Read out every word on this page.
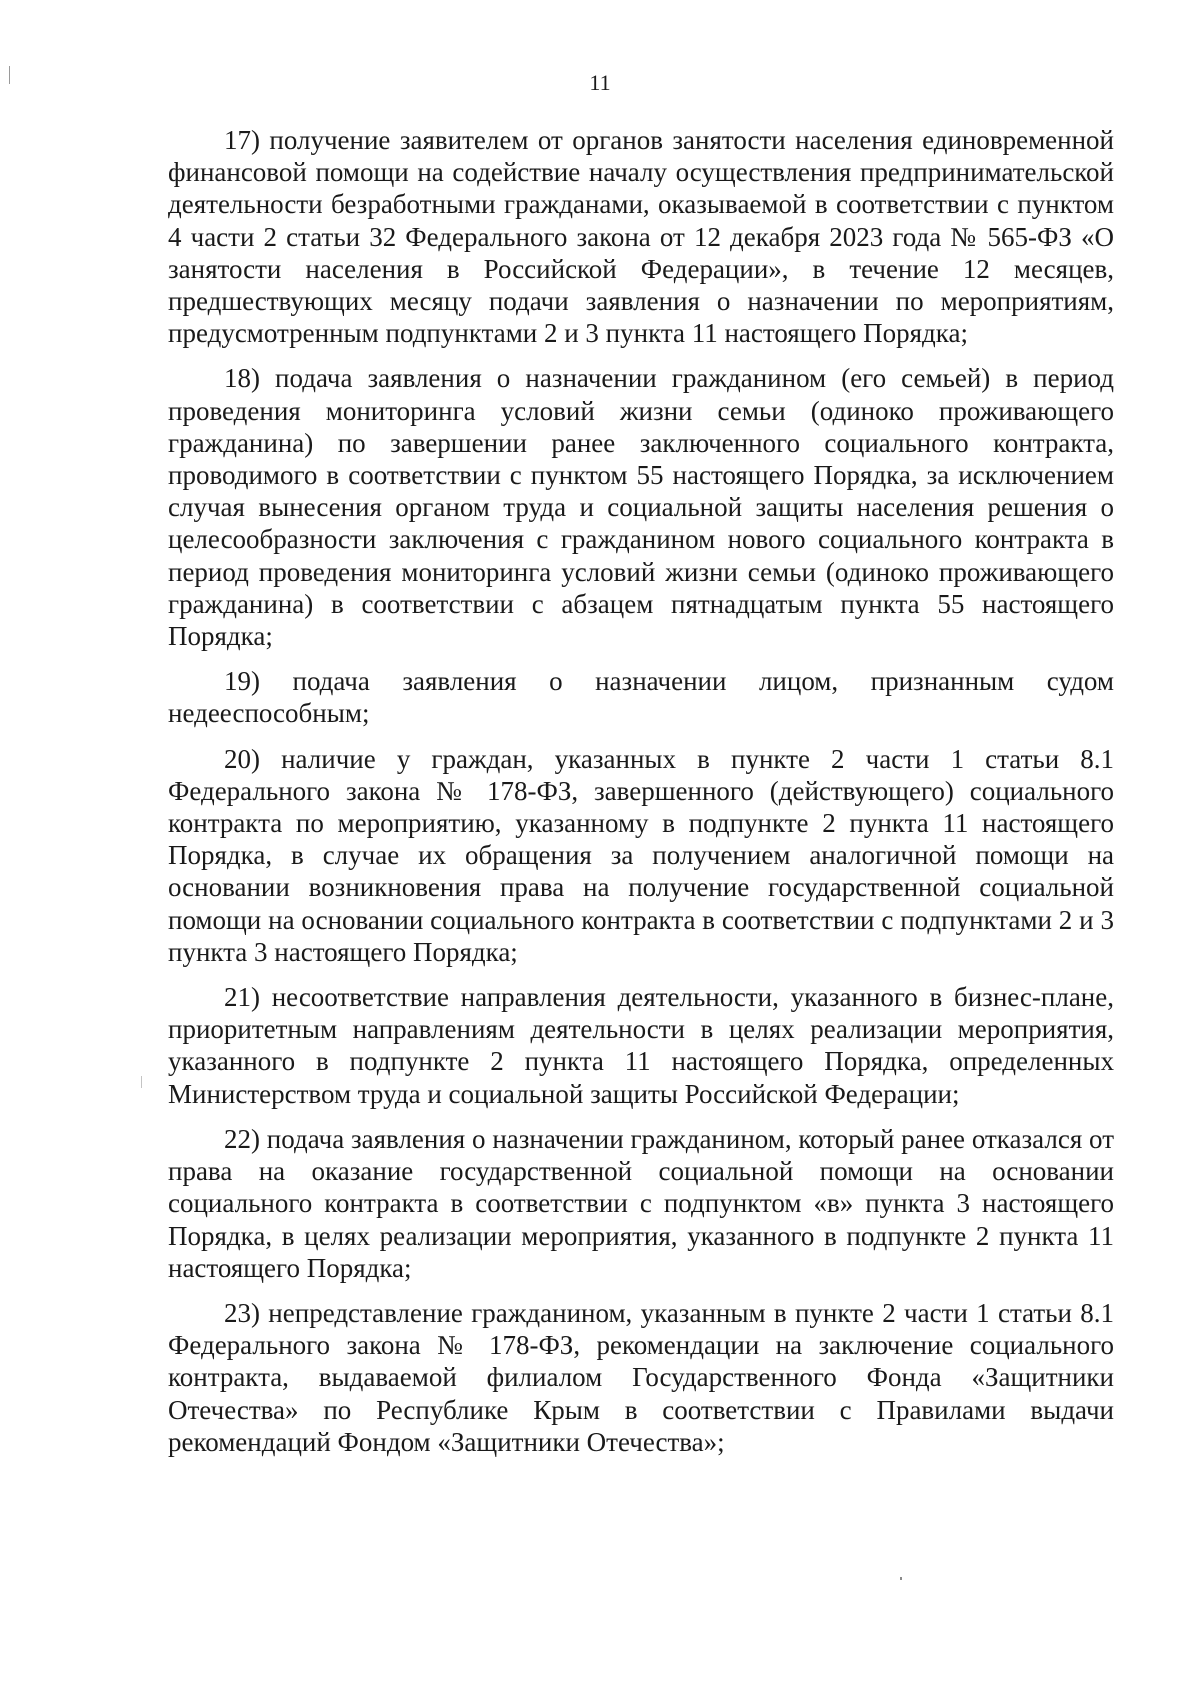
11

17) получение заявителем от органов занятости населения единовременной финансовой помощи на содействие началу осуществления предпринимательской деятельности безработными гражданами, оказываемой в соответствии с пунктом 4 части 2 статьи 32 Федерального закона от 12 декабря 2023 года № 565-ФЗ «О занятости населения в Российской Федерации», в течение 12 месяцев, предшествующих месяцу подачи заявления о назначении по мероприятиям, предусмотренным подпунктами 2 и 3 пункта 11 настоящего Порядка;

18) подача заявления о назначении гражданином (его семьей) в период проведения мониторинга условий жизни семьи (одиноко проживающего гражданина) по завершении ранее заключенного социального контракта, проводимого в соответствии с пунктом 55 настоящего Порядка, за исключением случая вынесения органом труда и социальной защиты населения решения о целесообразности заключения с гражданином нового социального контракта в период проведения мониторинга условий жизни семьи (одиноко проживающего гражданина) в соответствии с абзацем пятнадцатым пункта 55 настоящего Порядка;

19) подача заявления о назначении лицом, признанным судом недееспособным;

20) наличие у граждан, указанных в пункте 2 части 1 статьи 8.1 Федерального закона № 178-ФЗ, завершенного (действующего) социального контракта по мероприятию, указанному в подпункте 2 пункта 11 настоящего Порядка, в случае их обращения за получением аналогичной помощи на основании возникновения права на получение государственной социальной помощи на основании социального контракта в соответствии с подпунктами 2 и 3 пункта 3 настоящего Порядка;

21) несоответствие направления деятельности, указанного в бизнес-плане, приоритетным направлениям деятельности в целях реализации мероприятия, указанного в подпункте 2 пункта 11 настоящего Порядка, определенных Министерством труда и социальной защиты Российской Федерации;

22) подача заявления о назначении гражданином, который ранее отказался от права на оказание государственной социальной помощи на основании социального контракта в соответствии с подпунктом «в» пункта 3 настоящего Порядка, в целях реализации мероприятия, указанного в подпункте 2 пункта 11 настоящего Порядка;

23) непредставление гражданином, указанным в пункте 2 части 1 статьи 8.1 Федерального закона № 178-ФЗ, рекомендации на заключение социального контракта, выдаваемой филиалом Государственного Фонда «Защитники Отечества» по Республике Крым в соответствии с Правилами выдачи рекомендаций Фондом «Защитники Отечества»;
